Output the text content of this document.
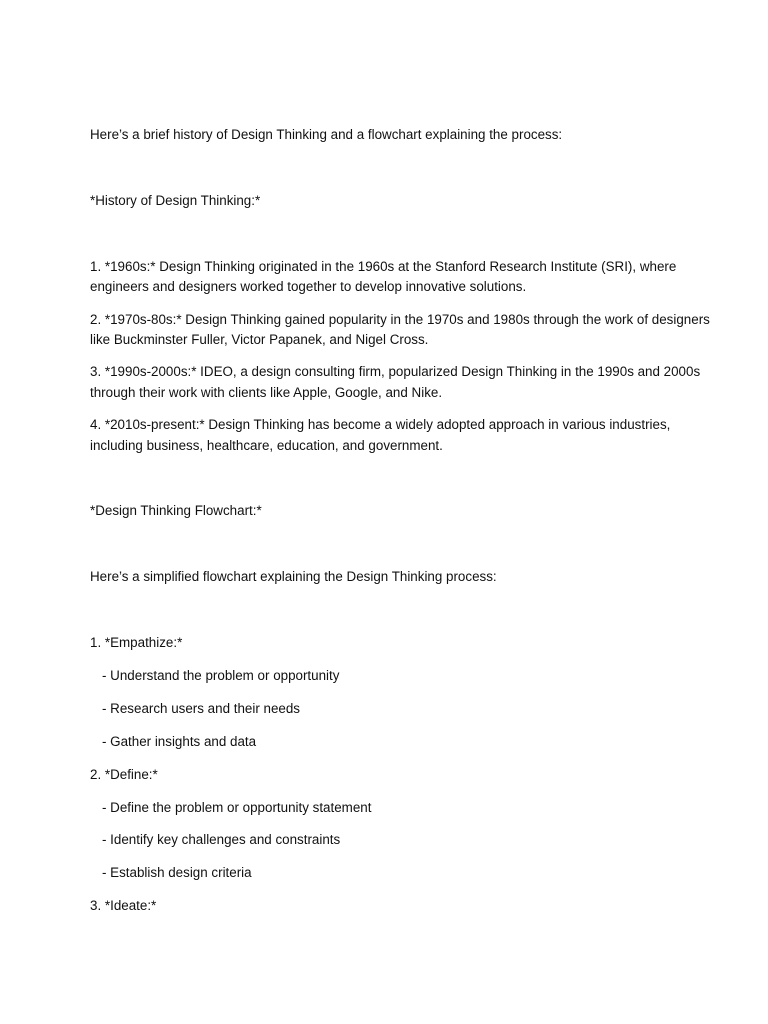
Here’s a brief history of Design Thinking and a flowchart explaining the process:
*History of Design Thinking:*
1. *1960s:* Design Thinking originated in the 1960s at the Stanford Research Institute (SRI), where
engineers and designers worked together to develop innovative solutions.
2. *1970s-80s:* Design Thinking gained popularity in the 1970s and 1980s through the work of designers
like Buckminster Fuller, Victor Papanek, and Nigel Cross.
3. *1990s-2000s:* IDEO, a design consulting firm, popularized Design Thinking in the 1990s and 2000s
through their work with clients like Apple, Google, and Nike.
4. *2010s-present:* Design Thinking has become a widely adopted approach in various industries,
including business, healthcare, education, and government.
*Design Thinking Flowchart:*
Here’s a simplified flowchart explaining the Design Thinking process:
1. *Empathize:*
- Understand the problem or opportunity
- Research users and their needs
- Gather insights and data
2. *Define:*
- Define the problem or opportunity statement
- Identify key challenges and constraints
- Establish design criteria
3. *Ideate:*
